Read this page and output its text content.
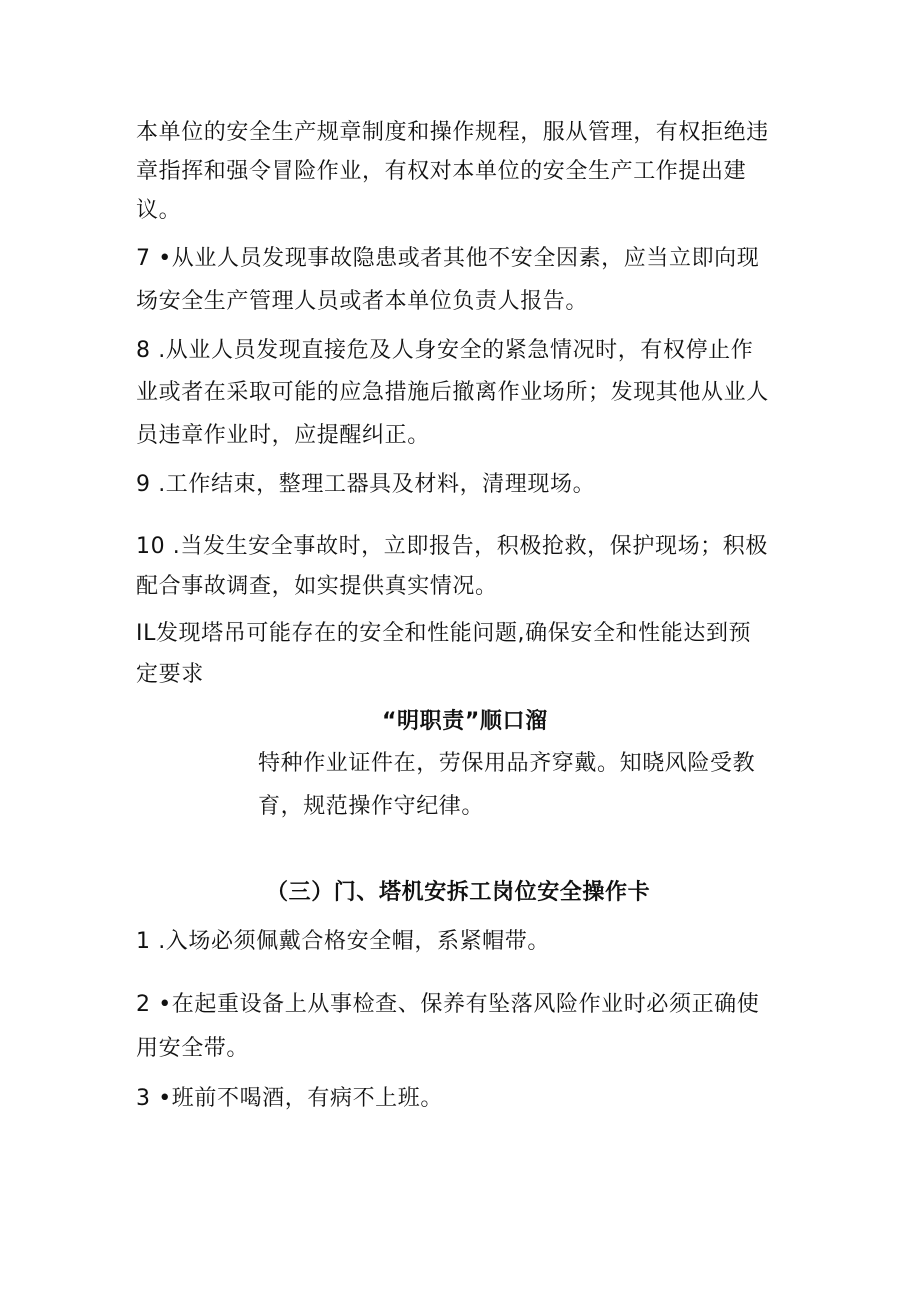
本单位的安全生产规章制度和操作规程，服从管理，有权拒绝违
章指挥和强令冒险作业，有权对本单位的安全生产工作提出建
议。
7 •从业人员发现事故隐患或者其他不安全因素，应当立即向现
场安全生产管理人员或者本单位负责人报告。
8 .从业人员发现直接危及人身安全的紧急情况时，有权停止作
业或者在采取可能的应急措施后撤离作业场所；发现其他从业人
员违章作业时，应提醒纠正。
9 .工作结束，整理工器具及材料，清理现场。
10 .当发生安全事故时，立即报告，积极抢救，保护现场；积极
配合事故调查，如实提供真实情况。
IL发现塔吊可能存在的安全和性能问题,确保安全和性能达到预
定要求
“明职责”顺口溜
特种作业证件在，劳保用品齐穿戴。知晓风险受教
育，规范操作守纪律。
（三）门、塔机安拆工岗位安全操作卡
1 .入场必须佩戴合格安全帽，系紧帽带。
2 •在起重设备上从事检查、保养有坠落风险作业时必须正确使
用安全带。
3 •班前不喝酒，有病不上班。
